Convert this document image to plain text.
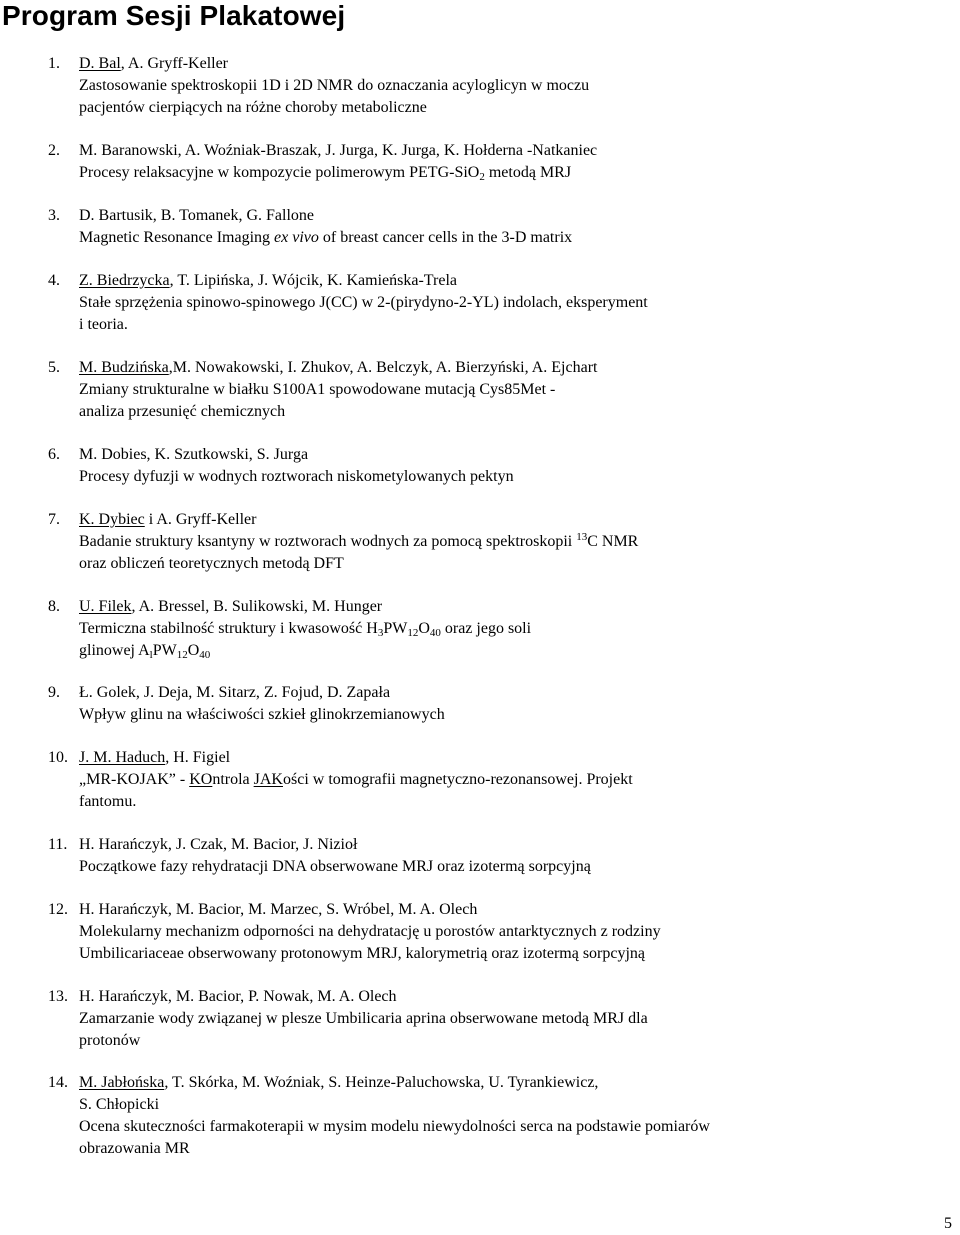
Program Sesji Plakatowej
1. D. Bal, A. Gryff-Keller
Zastosowanie spektroskopii 1D i 2D NMR do oznaczania acyloglicyn w moczu
pacjentów cierpiących na różne choroby metaboliczne
2. M. Baranowski, A. Woźniak-Braszak, J. Jurga, K. Jurga, K. Hołderna -Natkaniec
Procesy relaksacyjne w kompozycie polimerowym PETG-SiO$_2$ metodą MRJ
3. D. Bartusik, B. Tomanek, G. Fallone
Magnetic Resonance Imaging ex vivo of breast cancer cells in the 3-D matrix
4. Z. Biedrzycka, T. Lipińska, J. Wójcik, K. Kamieńska-Trela
Stałe sprzężenia spinowo-spinowego J(CC) w 2-(pirydyno-2-YL) indolach, eksperyment
i teoria.
5. M. Budzińska,M. Nowakowski, I. Zhukov, A. Belczyk, A. Bierzyński, A. Ejchart
Zmiany strukturalne w białku S100A1 spowodowane mutacją Cys85Met -
analiza przesunięć chemicznych
6. M. Dobies, K. Szutkowski, S. Jurga
Procesy dyfuzji w wodnych roztworach niskometylowanych pektyn
7. K. Dybiec i A. Gryff-Keller
Badanie struktury ksantyny w roztworach wodnych za pomocą spektroskopii $^{13}$C NMR
oraz obliczeń teoretycznych metodą DFT
8. U. Filek, A. Bressel, B. Sulikowski, M. Hunger
Termiczna stabilność struktury i kwasowość $H_3PW_{12}O_{40}$ oraz jego soli
glinowej $A_lPW_{12}O_{40}$
9. Ł. Golek, J. Deja, M. Sitarz, Z. Fojud, D. Zapała
Wpływ glinu na właściwości szkieł glinokrzemianowych
10. J. M. Haduch, H. Figiel
„MR-KOJAK” - KOntrola JAKości w tomografii magnetyczno-rezonansowej. Projekt
fantomu.
11. H. Harańczyk, J. Czak, M. Bacior, J. Nizioł
Początkowe fazy rehydratacji DNA obserwowane MRJ oraz izotermą sorpcyjną
12. H. Harańczyk, M. Bacior, M. Marzec, S. Wróbel, M. A. Olech
Molekularny mechanizm odporności na dehydratację u porostów antarktycznych z rodziny
Umbilicariaceae obserwowany protonowym MRJ, kalorymetrią oraz izotermą sorpcyjną
13. H. Harańczyk, M. Bacior, P. Nowak, M. A. Olech
Zamarzanie wody związanej w plesze Umbilicaria aprina obserwowane metodą MRJ dla
protonów
14. M. Jabłońska, T. Skórka, M. Woźniak, S. Heinze-Paluchowska, U. Tyrankiewicz,
S. Chłopicki
Ocena skuteczności farmakoterapii w mysim modelu niewydolności serca na podstawie pomiarów
obrazowania MR
5
